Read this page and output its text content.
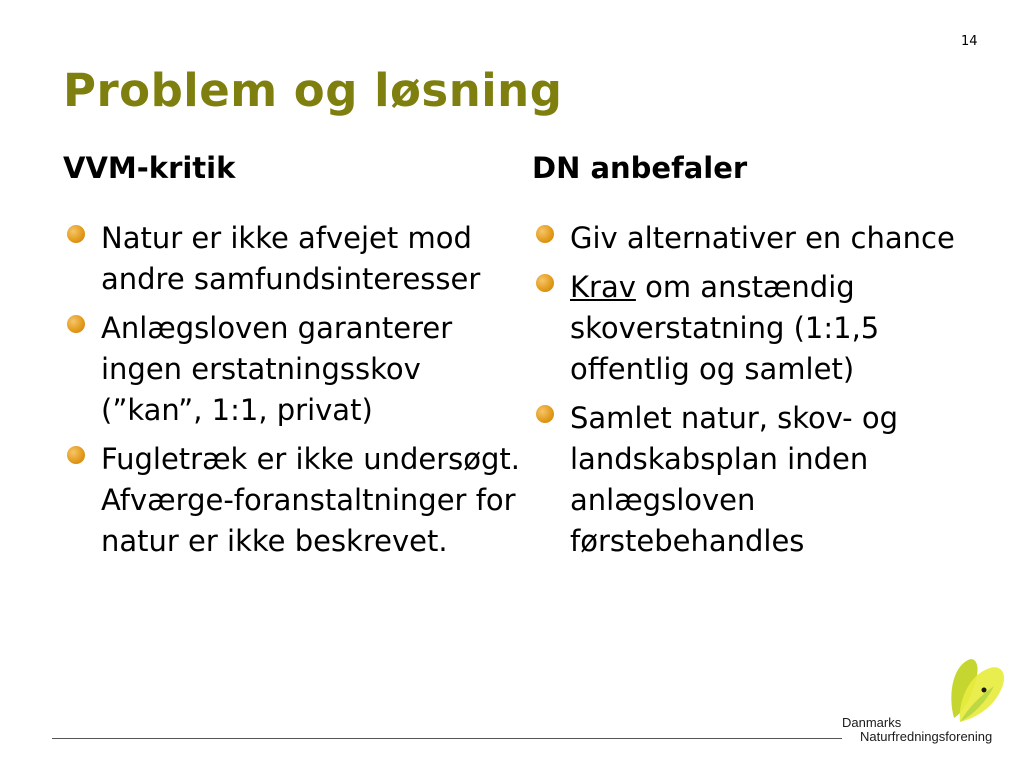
14
Problem og løsning
VVM-kritik	DN anbefaler
Natur er ikke afvejet mod andre samfundsinteresser
Anlægsloven garanterer ingen erstatningsskov (”kan”, 1:1, privat)
Fugletræk er ikke undersøgt. Afværge-foranstaltninger for natur er ikke beskrevet.
Giv alternativer en chance
Krav om anstændig skoverstatning (1:1,5 offentlig og samlet)
Samlet natur, skov- og landskabsplan inden anlægsloven førstebehandles
Danmarks
Naturfredningsforening
